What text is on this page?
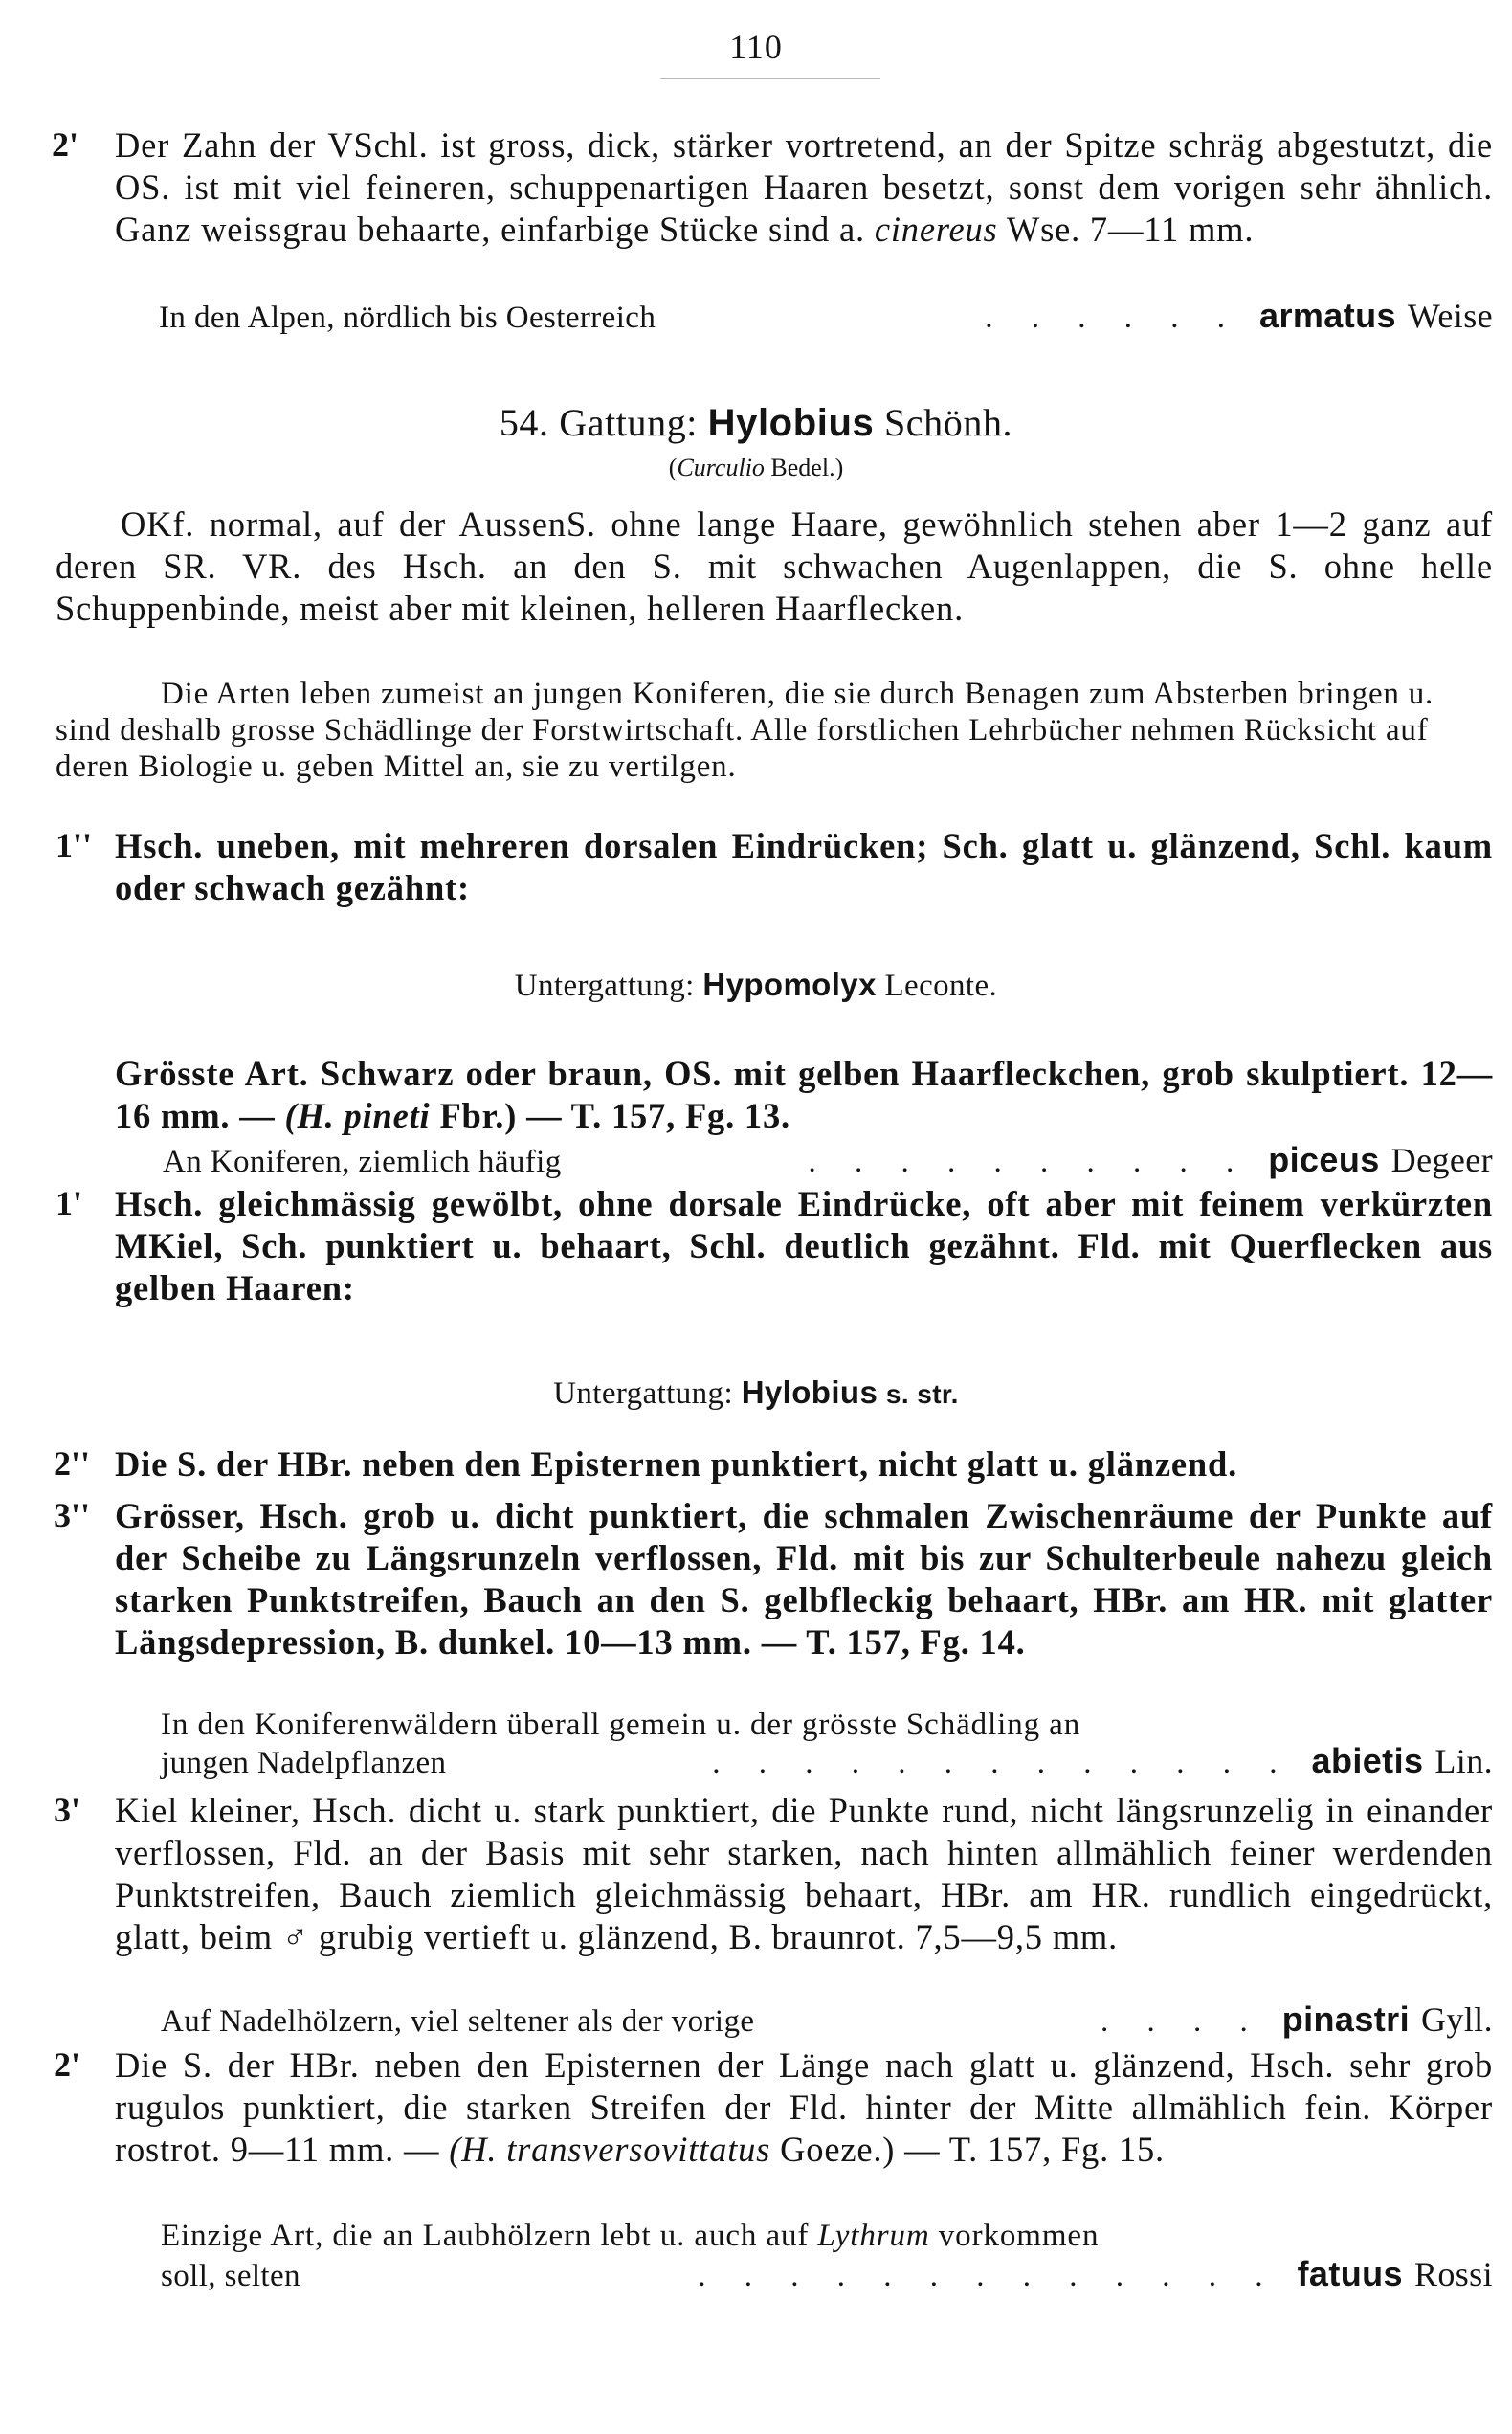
110
2'	Der Zahn der VSchl. ist gross, dick, stärker vortretend, an der Spitze schräg abgestutzt, die OS. ist mit viel feineren, schuppenartigen Haaren besetzt, sonst dem vorigen sehr ähnlich. Ganz weissgrau behaarte, einfarbige Stücke sind a. cinereus Wse. 7—11 mm.
In den Alpen, nördlich bis Oesterreich	. . . . . . armatus Weise
54. Gattung: Hylobius Schönh.
(Curculio Bedel.)
OKf. normal, auf der AussenS. ohne lange Haare, gewöhnlich stehen aber 1—2 ganz auf deren SR. VR. des Hsch. an den S. mit schwachen Augenlappen, die S. ohne helle Schuppenbinde, meist aber mit kleinen, helleren Haarflecken.
Die Arten leben zumeist an jungen Koniferen, die sie durch Benagen zum Absterben bringen u. sind deshalb grosse Schädlinge der Forstwirtschaft. Alle forstlichen Lehrbücher nehmen Rücksicht auf deren Biologie u. geben Mittel an, sie zu vertilgen.
1'' Hsch. uneben, mit mehreren dorsalen Eindrücken; Sch. glatt u. glänzend, Schl. kaum oder schwach gezähnt:
Untergattung: Hypomolyx Leconte.
Grösste Art. Schwarz oder braun, OS. mit gelben Haarfleckchen, grob skulptiert. 12—16 mm. — (H. pineti Fbr.) — T. 157, Fg. 13.
An Koniferen, ziemlich häufig	. . . . . . . . . . piceus Degeer
1' Hsch. gleichmässig gewölbt, ohne dorsale Eindrücke, oft aber mit feinem verkürzten MKiel, Sch. punktiert u. behaart, Schl. deutlich gezähnt. Fld. mit Querflecken aus gelben Haaren:
Untergattung: Hylobius s. str.
2'' Die S. der HBr. neben den Episternen punktiert, nicht glatt u. glänzend.
3'' Grösser, Hsch. grob u. dicht punktiert, die schmalen Zwischenräume der Punkte auf der Scheibe zu Längsrunzeln verflossen, Fld. mit bis zur Schulterbeule nahezu gleich starken Punktstreifen, Bauch an den S. gelbfleckig behaart, HBr. am HR. mit glatter Längsdepression, B. dunkel. 10—13 mm. — T. 157, Fg. 14.
In den Koniferenwäldern überall gemein u. der grösste Schädling an
jungen Nadelpflanzen	. . . . . . . . . . . . . abietis Lin.
3' Kiel kleiner, Hsch. dicht u. stark punktiert, die Punkte rund, nicht längsrunzelig in einander verflossen, Fld. an der Basis mit sehr starken, nach hinten allmählich feiner werdenden Punktstreifen, Bauch ziemlich gleichmässig behaart, HBr. am HR. rundlich eingedrückt, glatt, beim ♂ grubig vertieft u. glänzend, B. braunrot. 7,5—9,5 mm.
Auf Nadelhölzern, viel seltener als der vorige	. . . . pinastri Gyll.
2' Die S. der HBr. neben den Episternen der Länge nach glatt u. glänzend, Hsch. sehr grob rugulos punktiert, die starken Streifen der Fld. hinter der Mitte allmählich fein. Körper rostrot. 9—11 mm. — (H. transversovittatus Goeze.) — T. 157, Fg. 15.
Einzige Art, die an Laubhölzern lebt u. auch auf Lythrum vorkommen
soll, selten	. . . . . . . . . . . . . fatuus Rossi
